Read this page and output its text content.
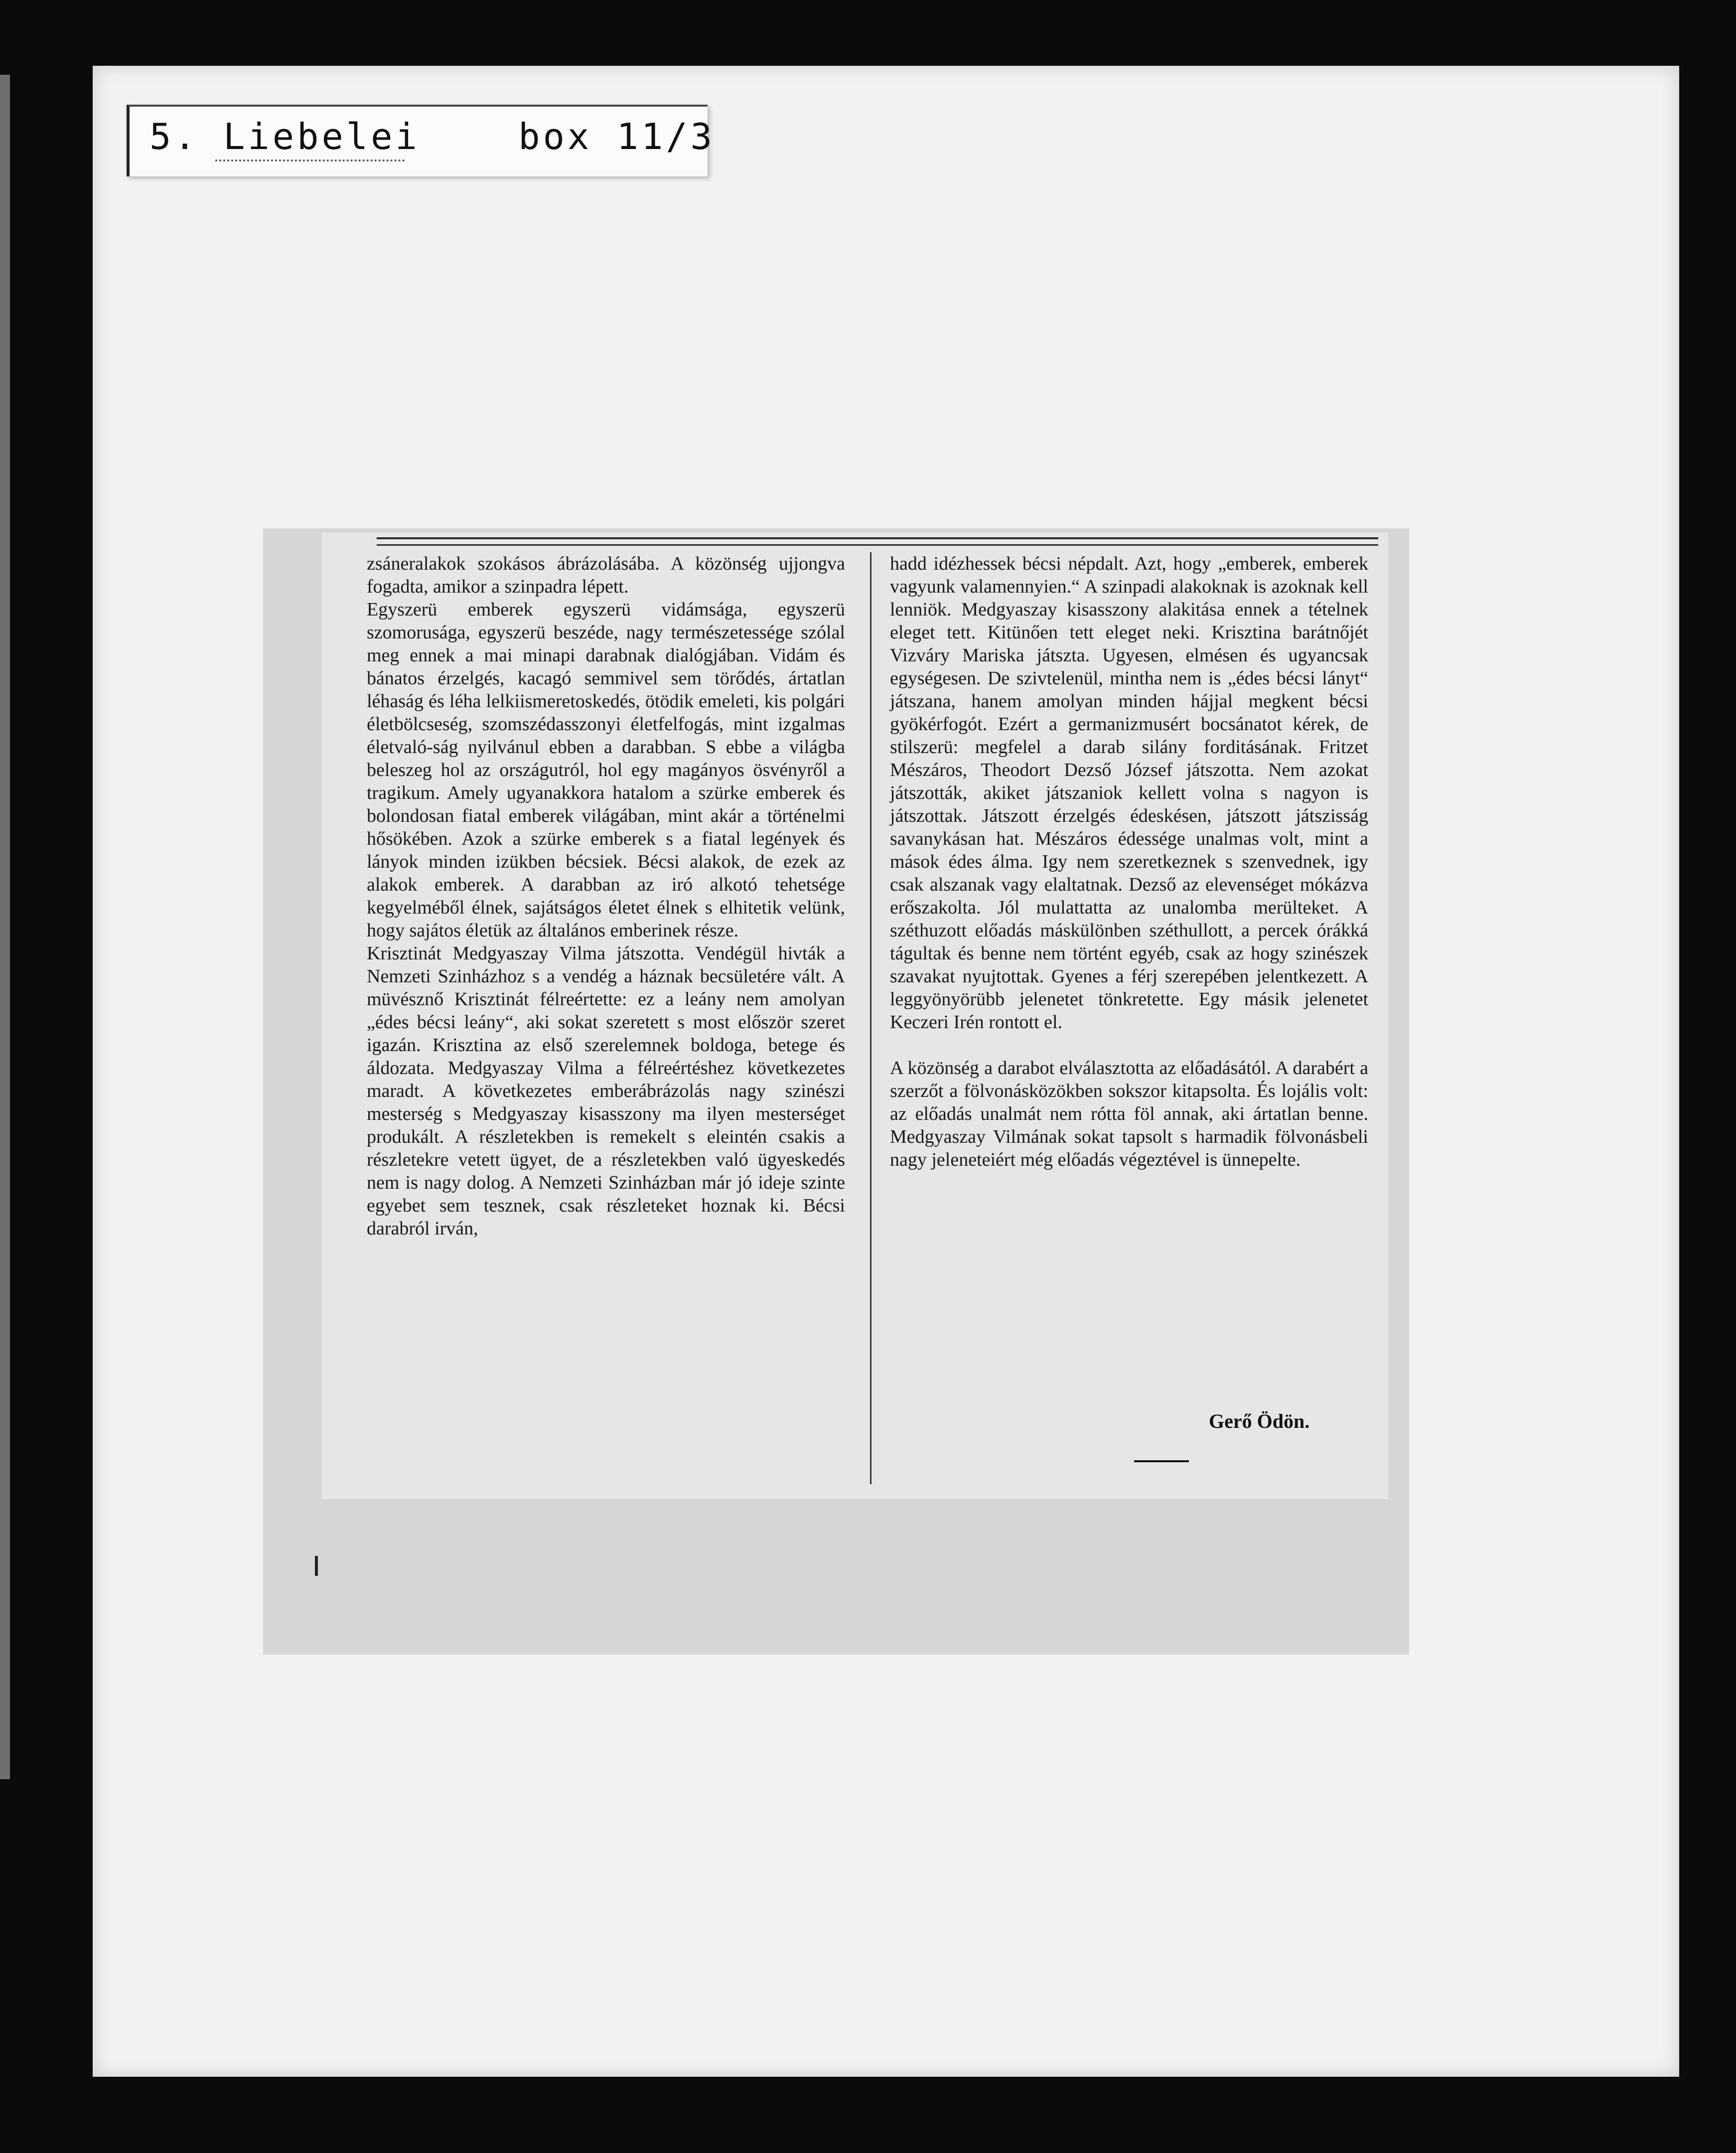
5. Liebelei	box 11/3
zsáneralakok szokásos ábrázolásába. A közönség ujjongva fogadta, amikor a szinpadra lépett.
Egyszerü emberek egyszerü vidámsága, egyszerü szomorusága, egyszerü beszéde, nagy természetessége szólal meg ennek a mai minapi darabnak dialógjában. Vidám és bánatos érzelgés, kacagó semmivel sem törődés, ártatlan léhaság és léha lelkiismeretoskedés, ötödik emeleti, kis polgári életbölcseség, szomszédasszonyi életfelfogás, mint izgalmas életvaló-ság nyilvánul ebben a darabban. S ebbe a világba beleszeg hol az országutról, hol egy magányos ösvényről a tragikum. Amely ugyanakkora hatalom a szürke emberek és bolondosan fiatal emberek világában, mint akár a történelmi hősökében. Azok a szürke emberek s a fiatal legények és lányok minden izükben bécsiek. Bécsi alakok, de ezek az alakok emberek. A darabban az iró alkotó tehetsége kegyelméből élnek, sajátságos életet élnek s elhitetik velünk, hogy sajátos életük az általános emberinek része.
Krisztinát Medgyaszay Vilma játszotta. Vendégül hivták a Nemzeti Szinházhoz s a vendég a háznak becsületére vált. A müvésznő Krisztinát félreértette: ez a leány nem amolyan „édes bécsi leány“, aki sokat szeretett s most először szeret igazán. Krisztina az első szerelemnek boldoga, betege és áldozata. Medgyaszay Vilma a félreértéshez következetes maradt. A következetes emberábrázolás nagy szinészi mesterség s Medgyaszay kisasszony ma ilyen mesterséget produkált. A részletekben is remekelt s eleintén csakis a részletekre vetett ügyet, de a részletekben való ügyeskedés nem is nagy dolog. A Nemzeti Szinházban már jó ideje szinte egyebet sem tesznek, csak részleteket hoznak ki. Bécsi darabról irván,
hadd idézhessek bécsi népdalt. Azt, hogy „emberek, emberek vagyunk valamennyien.“ A szinpadi alakoknak is azoknak kell lenniök. Medgyaszay kisasszony alakitása ennek a tételnek eleget tett. Kitünően tett eleget neki. Krisztina barátnőjét Vizváry Mariska játszta. Ugyesen, elmésen és ugyancsak egységesen. De szivtelenül, mintha nem is „édes bécsi lányt“ játszana, hanem amolyan minden hájjal megkent bécsi gyökérfogót. Ezért a germanizmusért bocsánatot kérek, de stilszerü: megfelel a darab silány forditásának. Fritzet Mészáros, Theodort Dezső József játszotta. Nem azokat játszották, akiket játszaniok kellett volna s nagyon is játszottak. Játszott érzelgés édeskésen, játszott játszisság savanykásan hat. Mészáros édessége unalmas volt, mint a mások édes álma. Igy nem szeretkeznek s szenvednek, igy csak alszanak vagy elaltatnak. Dezső az elevenséget mókázva erőszakolta. Jól mulattatta az unalomba merülteket. A széthuzott előadás máskülönben széthullott, a percek órákká tágultak és benne nem történt egyéb, csak az hogy szinészek szavakat nyujtottak. Gyenes a férj szerepében jelentkezett. A leggyönyörübb jelenetet tönkretette. Egy másik jelenetet Keczeri Irén rontott el.

A közönség a darabot elválasztotta az előadásától. A darabért a szerzőt a fölvonásközökben sokszor kitapsolta. És lojális volt: az előadás unalmát nem rótta föl annak, aki ártatlan benne. Medgyaszay Vilmának sokat tapsolt s harmadik fölvonásbeli nagy jeleneteiért még előadás végeztével is ünnepelte.
Gerő Ödön.
